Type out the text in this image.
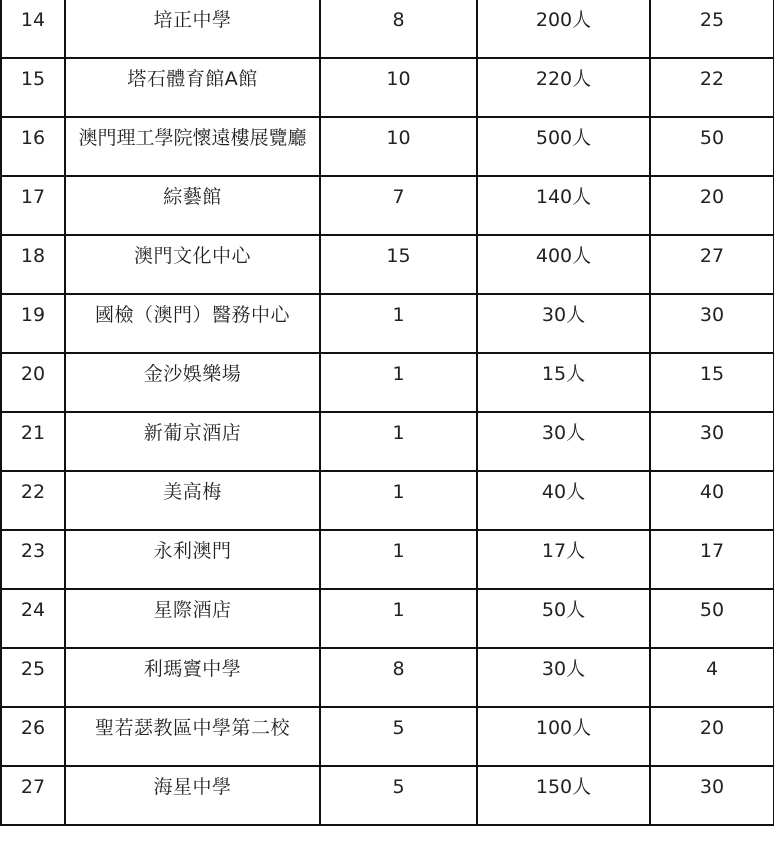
14	培正中學	8	200人	25

15	塔石體育館A館	10	220人	22

16	澳門理工學院懷遠樓展覽廳	10	500人	50

17	綜藝館	7	140人	20

18	澳門文化中心	15	400人	27

19	國檢（澳門）醫務中心	1	30人	30

20	金沙娛樂場	1	15人	15

21	新葡京酒店	1	30人	30

22	美高梅	1	40人	40

23	永利澳門	1	17人	17

24	星際酒店	1	50人	50

25	利瑪竇中學	8	30人	4

26	聖若瑟教區中學第二校	5	100人	20

27	海星中學	5	150人	30
